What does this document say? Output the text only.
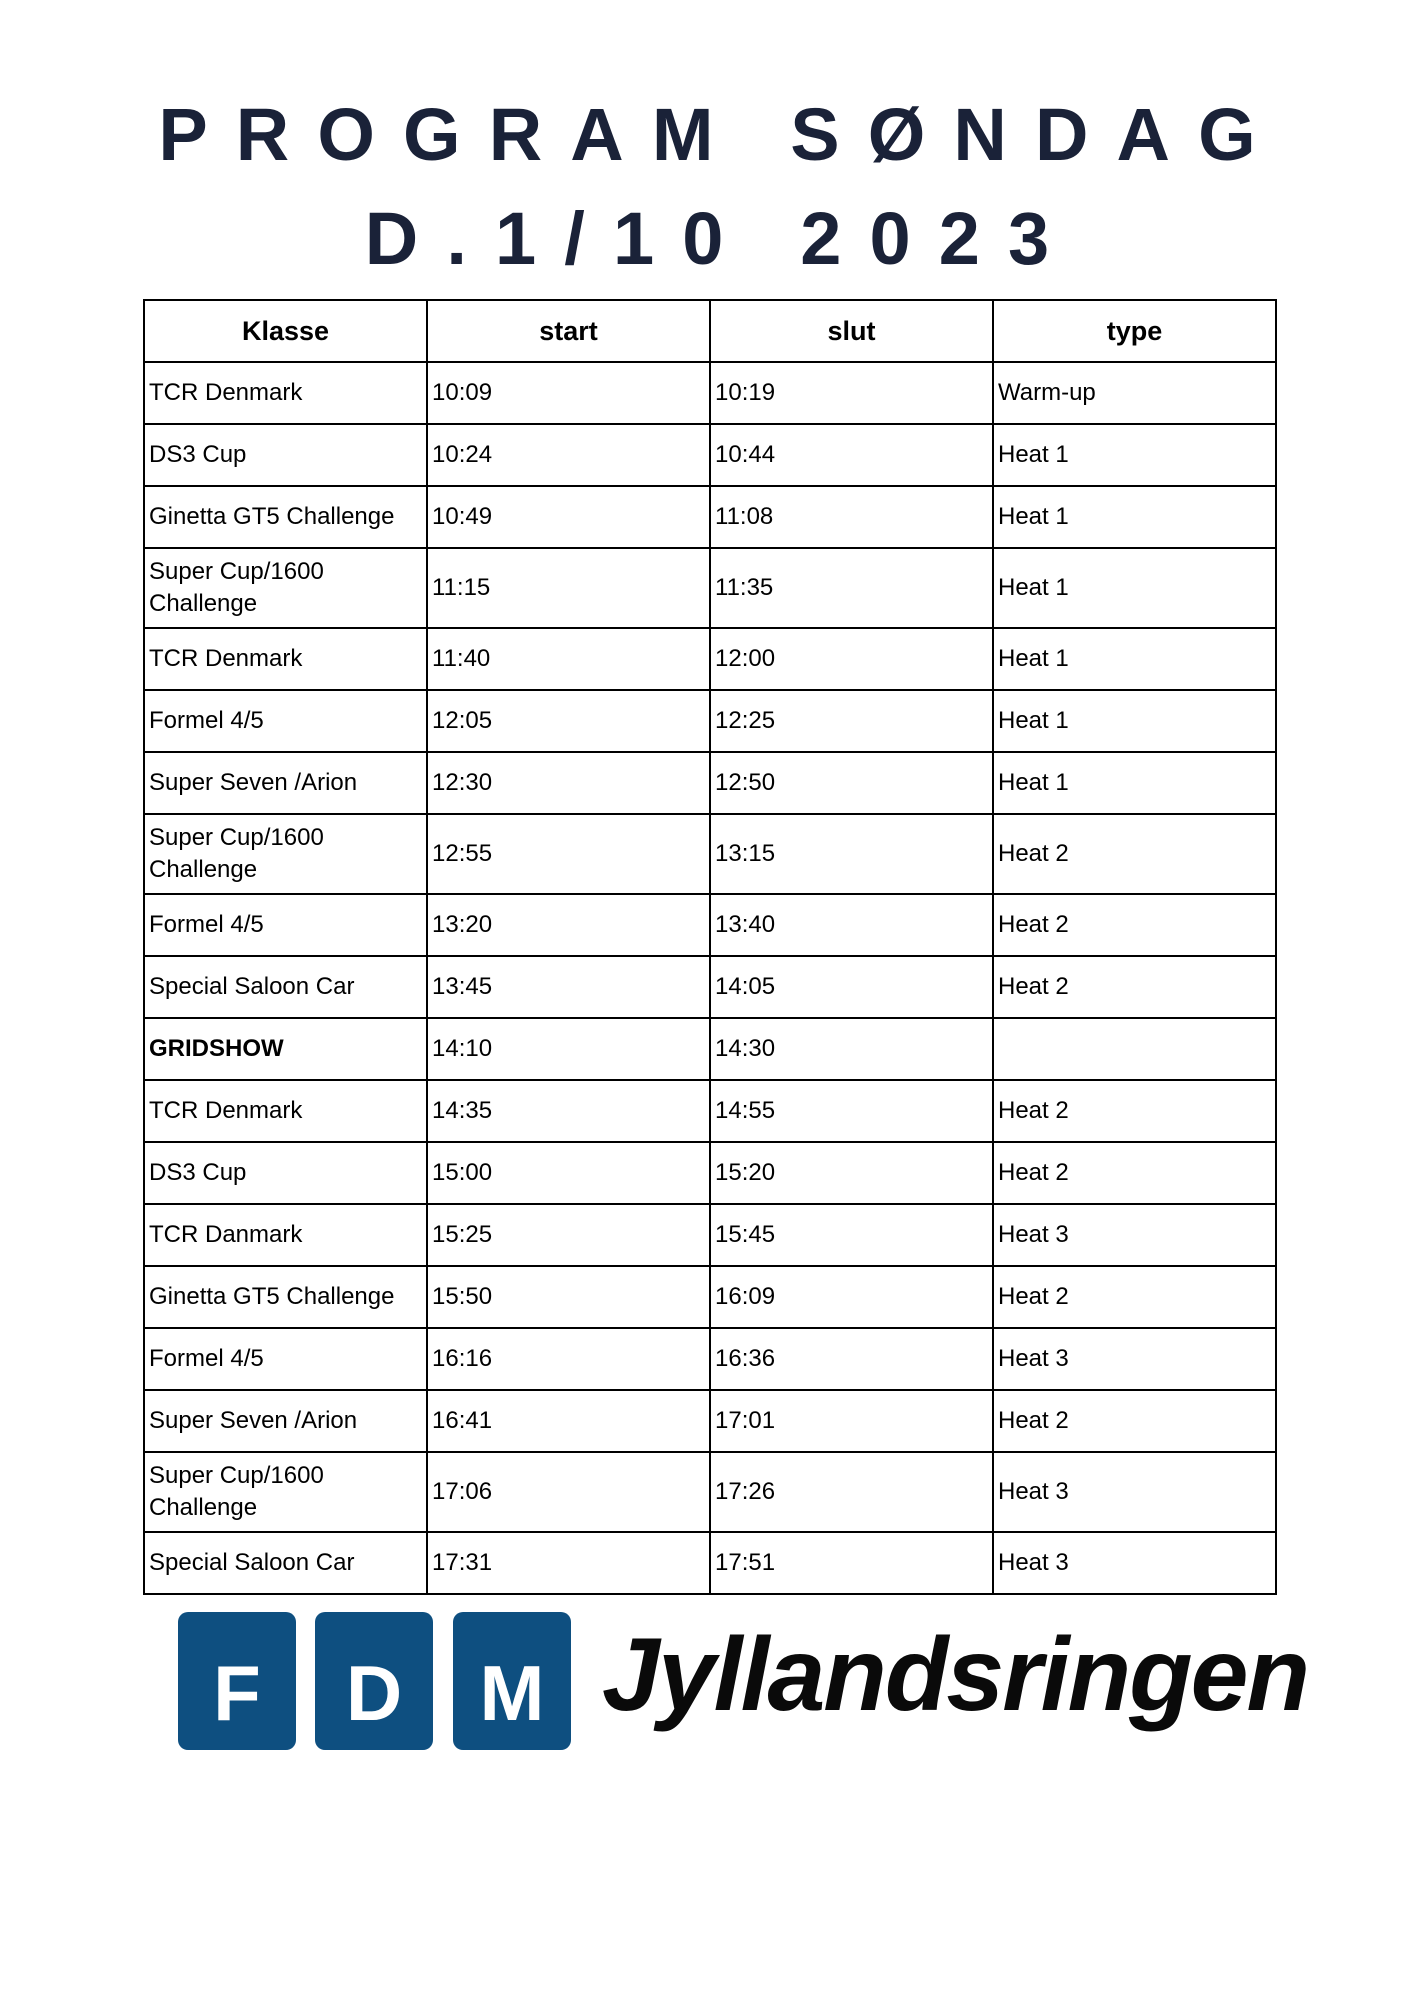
PROGRAM SØNDAG
D.1/10 2023
Klasse	start	slut	type
TCR Denmark	10:09	10:19	Warm-up
DS3 Cup	10:24	10:44	Heat 1
Ginetta GT5 Challenge	10:49	11:08	Heat 1
Super Cup/1600
Challenge	11:15	11:35	Heat 1
TCR Denmark	11:40	12:00	Heat 1
Formel 4/5	12:05	12:25	Heat 1
Super Seven /Arion	12:30	12:50	Heat 1
Super Cup/1600
Challenge	12:55	13:15	Heat 2
Formel 4/5	13:20	13:40	Heat 2
Special Saloon Car	13:45	14:05	Heat 2
GRIDSHOW	14:10	14:30	
TCR Denmark	14:35	14:55	Heat 2
DS3 Cup	15:00	15:20	Heat 2
TCR Danmark	15:25	15:45	Heat 3
Ginetta GT5 Challenge	15:50	16:09	Heat 2
Formel 4/5	16:16	16:36	Heat 3
Super Seven /Arion	16:41	17:01	Heat 2
Super Cup/1600
Challenge	17:06	17:26	Heat 3
Special Saloon Car	17:31	17:51	Heat 3
F	D M Jyllandsringen
